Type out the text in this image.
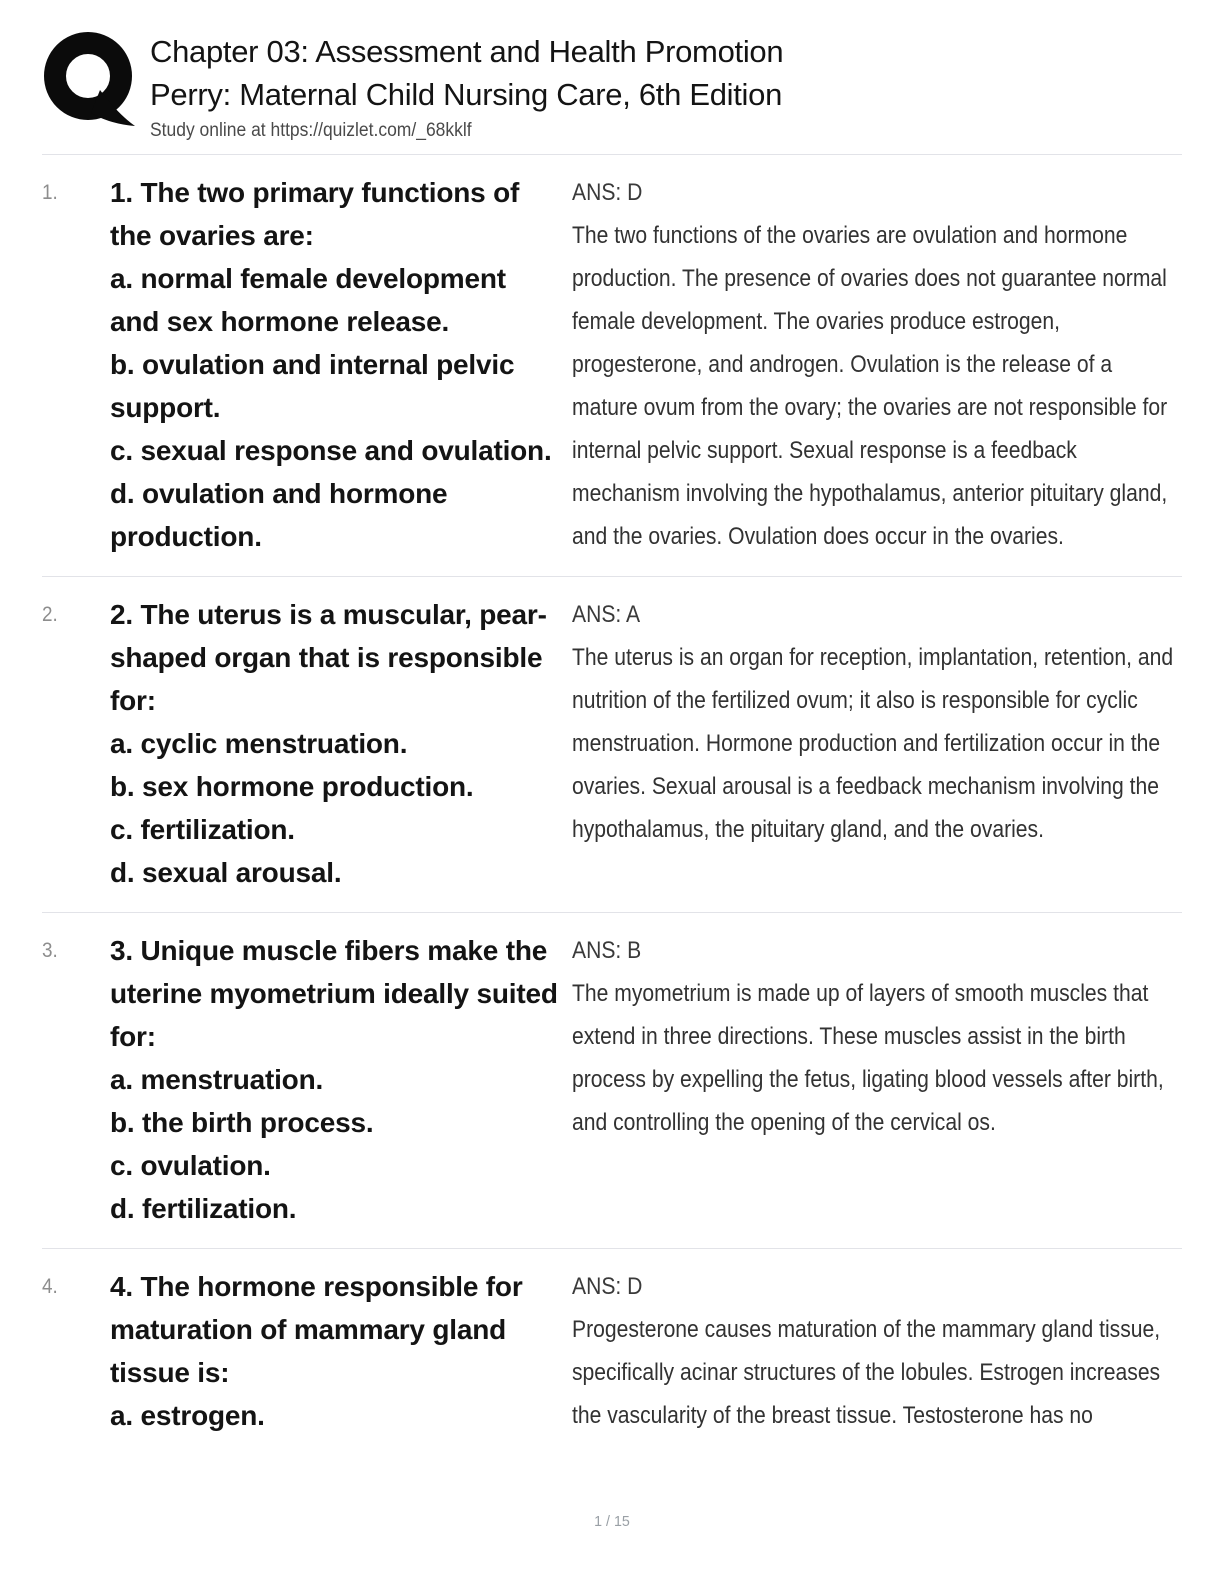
Chapter 03: Assessment and Health Promotion
Perry: Maternal Child Nursing Care, 6th Edition
Study online at https://quizlet.com/_68kklf
1.	1. The two primary functions of the ovaries are:
a. normal female development and sex hormone release.
b. ovulation and internal pelvic support.
c. sexual response and ovulation.
d. ovulation and hormone production.
ANS: D
The two functions of the ovaries are ovulation and hormone production. The presence of ovaries does not guarantee normal female development. The ovaries produce estrogen, progesterone, and androgen. Ovulation is the release of a mature ovum from the ovary; the ovaries are not responsible for internal pelvic support. Sexual response is a feedback mechanism involving the hypothalamus, anterior pituitary gland, and the ovaries. Ovulation does occur in the ovaries.
2.	2. The uterus is a muscular, pear-shaped organ that is responsible for:
a. cyclic menstruation.
b. sex hormone production.
c. fertilization.
d. sexual arousal.
ANS: A
The uterus is an organ for reception, implantation, retention, and nutrition of the fertilized ovum; it also is responsible for cyclic menstruation. Hormone production and fertilization occur in the ovaries. Sexual arousal is a feedback mechanism involving the hypothalamus, the pituitary gland, and the ovaries.
3.	3. Unique muscle fibers make the uterine myometrium ideally suited for:
a. menstruation.
b. the birth process.
c. ovulation.
d. fertilization.
ANS: B
The myometrium is made up of layers of smooth muscles that extend in three directions. These muscles assist in the birth process by expelling the fetus, ligating blood vessels after birth, and controlling the opening of the cervical os.
4.	4. The hormone responsible for maturation of mammary gland tissue is:
a. estrogen.
ANS: D
Progesterone causes maturation of the mammary gland tissue, specifically acinar structures of the lobules. Estrogen increases the vascularity of the breast tissue. Testosterone has no
1 / 15
